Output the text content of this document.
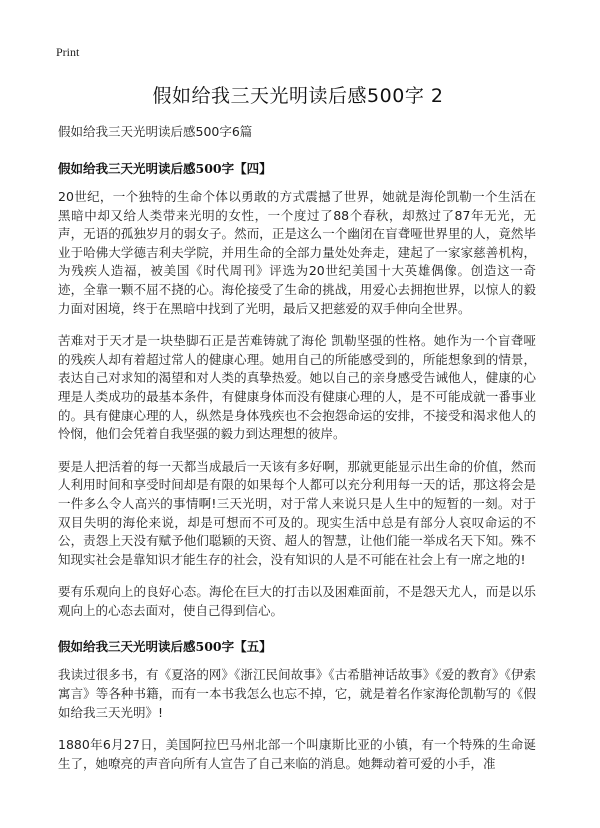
Print
假如给我三天光明读后感500字 2
假如给我三天光明读后感500字6篇
假如给我三天光明读后感500字【四】

20世纪，一个独特的生命个体以勇敢的方式震撼了世界，她就是海伦凯勒一个生活在黑暗中却又给人类带来光明的女性，一个度过了88个春秋，却熬过了87年无光，无声，无语的孤独岁月的弱女子。然而，正是这么一个幽闭在盲聋哑世界里的人，竟然毕业于哈佛大学德吉利夫学院，并用生命的全部力量处处奔走，建起了一家家慈善机构，为残疾人造福，被美国《时代周刊》评选为20世纪美国十大英雄偶像。创造这一奇迹，全靠一颗不屈不挠的心。海伦接受了生命的挑战，用爱心去拥抱世界，以惊人的毅力面对困境，终于在黑暗中找到了光明，最后又把慈爱的双手伸向全世界。

苦难对于天才是一块垫脚石正是苦难铸就了海伦 凯勒坚强的性格。她作为一个盲聋哑的残疾人却有着超过常人的健康心理。她用自己的所能感受到的，所能想象到的情景，表达自己对求知的渴望和对人类的真挚热爱。她以自己的亲身感受告诫他人，健康的心理是人类成功的最基本条件，有健康身体而没有健康心理的人，是不可能成就一番事业的。具有健康心理的人，纵然是身体残疾也不会抱怨命运的安排，不接受和渴求他人的怜悯，他们会凭着自我坚强的毅力到达理想的彼岸。

要是人把活着的每一天都当成最后一天该有多好啊，那就更能显示出生命的价值，然而人利用时间和享受时间却是有限的如果每个人都可以充分利用每一天的话，那这将会是一件多么令人高兴的事情啊!三天光明，对于常人来说只是人生中的短暂的一刻。对于双目失明的海伦来说，却是可想而不可及的。现实生活中总是有部分人哀叹命运的不公，责怨上天没有赋予他们聪颖的天资、超人的智慧，让他们能一举成名天下知。殊不知现实社会是靠知识才能生存的社会，没有知识的人是不可能在社会上有一席之地的!

要有乐观向上的良好心态。海伦在巨大的打击以及困难面前，不是怨天尤人，而是以乐观向上的心态去面对，使自己得到信心。

假如给我三天光明读后感500字【五】

我读过很多书，有《夏洛的网》《浙江民间故事》《古希腊神话故事》《爱的教育》《伊索寓言》等各种书籍，而有一本书我怎么也忘不掉，它，就是着名作家海伦凯勒写的《假如给我三天光明》!

1880年6月27日，美国阿拉巴马州北部一个叫康斯比亚的小镇，有一个特殊的生命诞生了，她嘹亮的声音向所有人宣告了自己来临的消息。她舞动着可爱的小手，准
